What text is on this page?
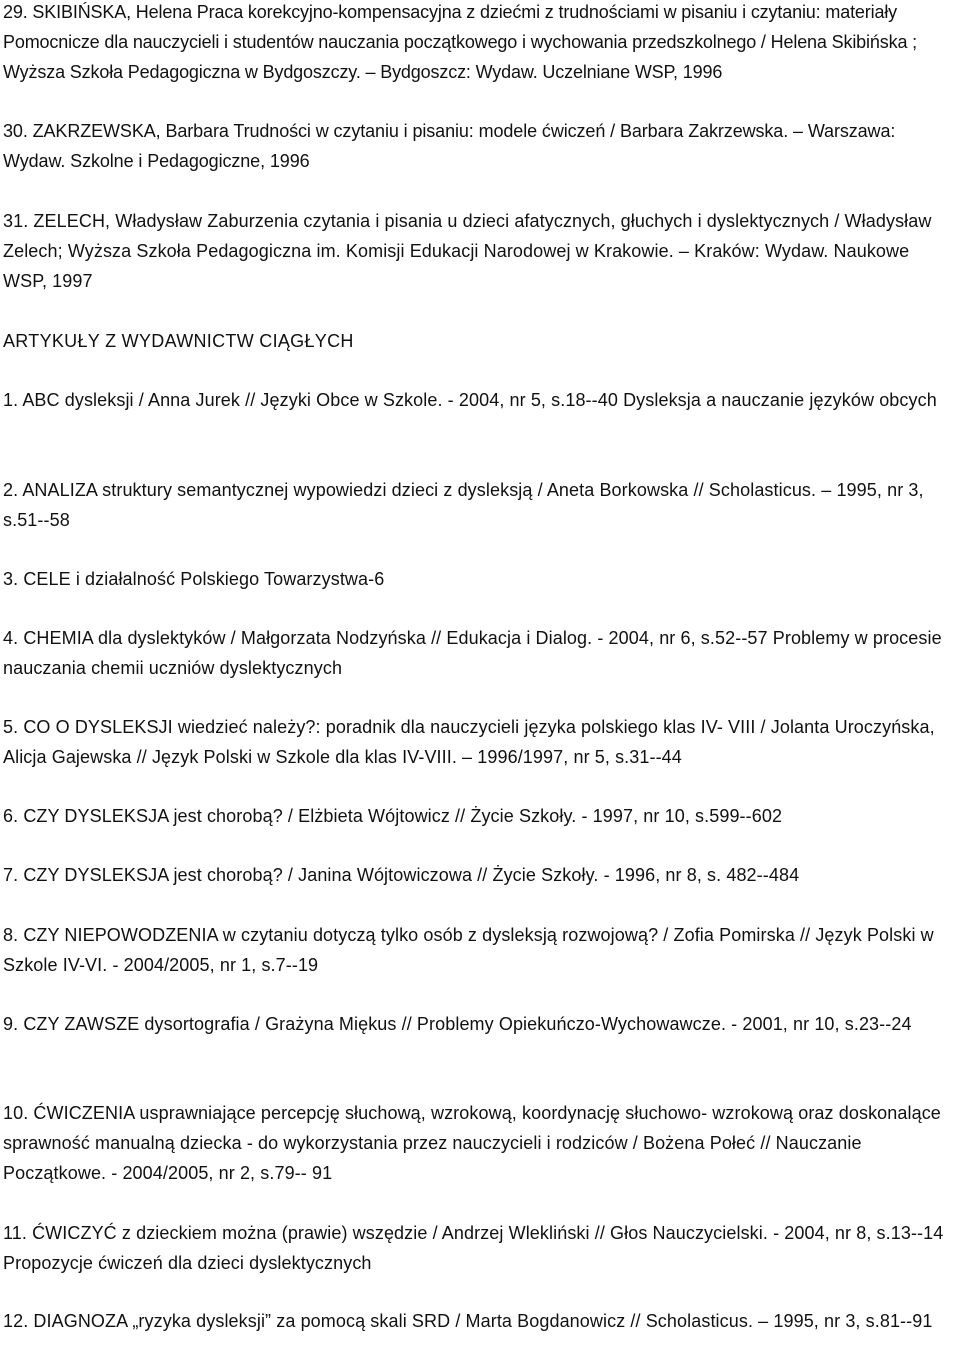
29. SKIBIŃSKA, Helena Praca korekcyjno-kompensacyjna z dziećmi z trudnościami w pisaniu i czytaniu: materiały Pomocnicze dla nauczycieli i studentów nauczania początkowego i wychowania przedszkolnego / Helena Skibińska ; Wyższa Szkoła Pedagogiczna w Bydgoszczy. – Bydgoszcz: Wydaw. Uczelniane WSP, 1996

30. ZAKRZEWSKA, Barbara Trudności w czytaniu i pisaniu: modele ćwiczeń / Barbara Zakrzewska. – Warszawa: Wydaw. Szkolne i Pedagogiczne, 1996

31. ZELECH, Władysław Zaburzenia czytania i pisania u dzieci afatycznych, głuchych i dyslektycznych / Władysław Zelech; Wyższa Szkoła Pedagogiczna im. Komisji Edukacji Narodowej w Krakowie. – Kraków: Wydaw. Naukowe WSP, 1997

ARTYKUŁY Z WYDAWNICTW CIĄGŁYCH

1. ABC dysleksji / Anna Jurek // Języki Obce w Szkole. - 2004, nr 5, s.18--40 Dysleksja a nauczanie języków obcych

2. ANALIZA struktury semantycznej wypowiedzi dzieci z dysleksją / Aneta Borkowska // Scholasticus. – 1995, nr 3, s.51--58

3. CELE i działalność Polskiego Towarzystwa-6

4. CHEMIA dla dyslektyków / Małgorzata Nodzyńska // Edukacja i Dialog. - 2004, nr 6, s.52--57 Problemy w procesie nauczania chemii uczniów dyslektycznych

5. CO O DYSLEKSJI wiedzieć należy?: poradnik dla nauczycieli języka polskiego klas IV- VIII / Jolanta Uroczyńska, Alicja Gajewska // Język Polski w Szkole dla klas IV-VIII. – 1996/1997, nr 5, s.31--44

6. CZY DYSLEKSJA jest chorobą? / Elżbieta Wójtowicz // Życie Szkoły. - 1997, nr 10, s.599--602

7. CZY DYSLEKSJA jest chorobą? / Janina Wójtowiczowa // Życie Szkoły. - 1996, nr 8, s. 482--484

8. CZY NIEPOWODZENIA w czytaniu dotyczą tylko osób z dysleksją rozwojową? / Zofia Pomirska // Język Polski w Szkole IV-VI. - 2004/2005, nr 1, s.7--19

9. CZY ZAWSZE dysortografia / Grażyna Miękus // Problemy Opiekuńczo-Wychowawcze. - 2001, nr 10, s.23--24

10. ĆWICZENIA usprawniające percepcję słuchową, wzrokową, koordynację słuchowo- wzrokową oraz doskonalące sprawność manualną dziecka - do wykorzystania przez nauczycieli i rodziców / Bożena Połeć // Nauczanie Początkowe. - 2004/2005, nr 2, s.79-- 91

11. ĆWICZYĆ z dzieckiem można (prawie) wszędzie / Andrzej Wlekliński // Głos Nauczycielski. - 2004, nr 8, s.13--14 Propozycje ćwiczeń dla dzieci dyslektycznych

12. DIAGNOZA „ryzyka dysleksji” za pomocą skali SRD / Marta Bogdanowicz // Scholasticus. – 1995, nr 3, s.81--91
